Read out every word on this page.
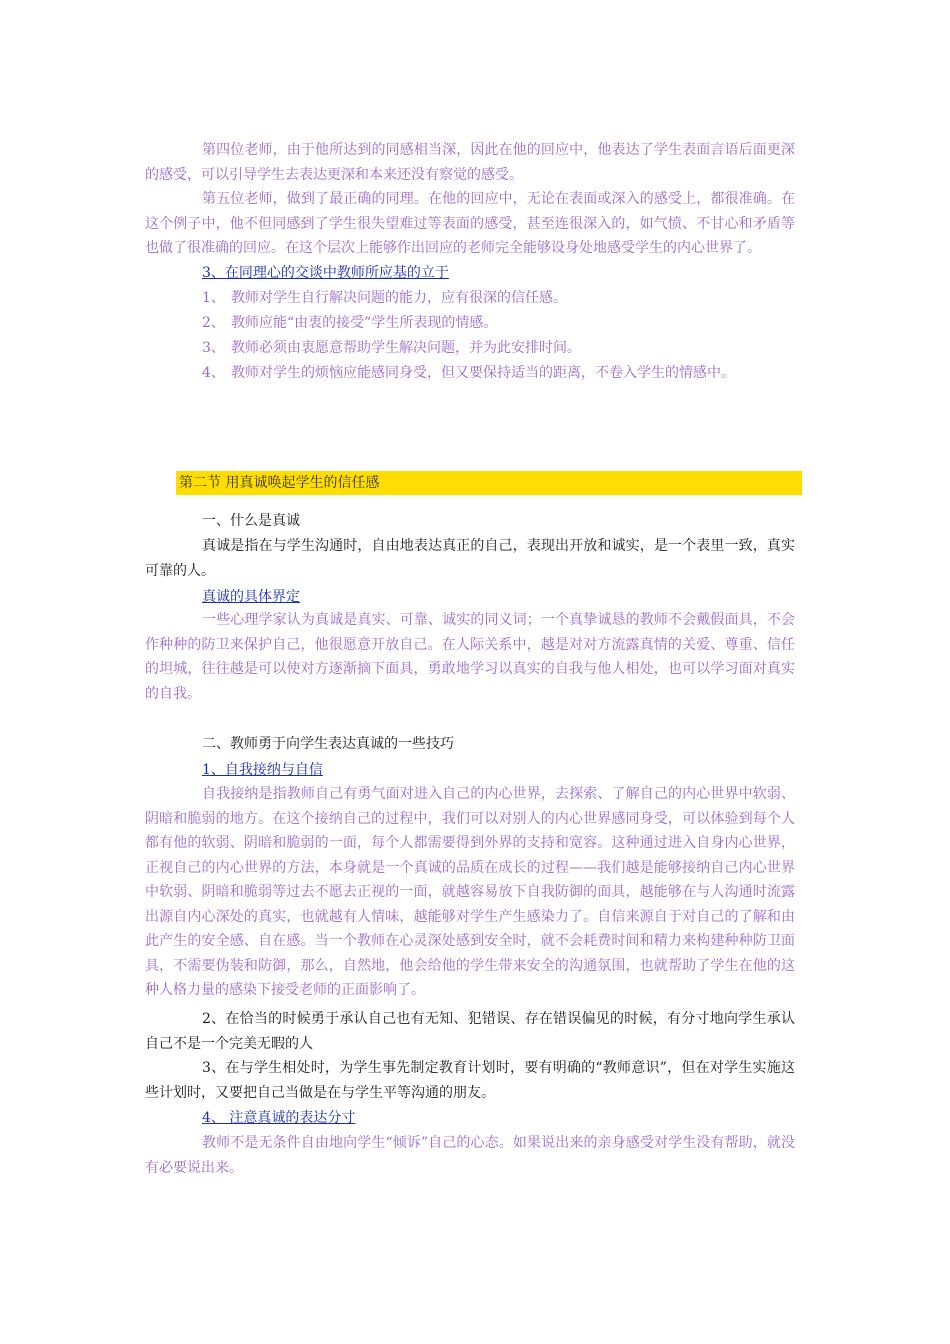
第四位老师，由于他所达到的同感相当深，因此在他的回应中，他表达了学生表面言语后面更深的感受，可以引导学生去表达更深和本来还没有察觉的感受。

第五位老师，做到了最正确的同理。在他的回应中，无论在表面或深入的感受上，都很准确。在这个例子中，他不但同感到了学生很失望难过等表面的感受，甚至连很深入的，如气愤、不甘心和矛盾等也做了很准确的回应。在这个层次上能够作出回应的老师完全能够设身处地感受学生的内心世界了。

3、在同理心的交谈中教师所应基的立于

1、 教师对学生自行解决问题的能力，应有很深的信任感。

2、 教师应能“由衷的接受”学生所表现的情感。

3、 教师必须由衷愿意帮助学生解决问题，并为此安排时间。

4、 教师对学生的烦恼应能感同身受，但又要保持适当的距离，不卷入学生的情感中。

第二节 用真诚唤起学生的信任感

一、什么是真诚

真诚是指在与学生沟通时，自由地表达真正的自己，表现出开放和诚实，是一个表里一致，真实可靠的人。

真诚的具体界定

一些心理学家认为真诚是真实、可靠、诚实的同义词；一个真挚诚恳的教师不会戴假面具，不会作种种的防卫来保护自己，他很愿意开放自己。在人际关系中，越是对对方流露真情的关爱、尊重、信任的坦城，往往越是可以使对方逐渐摘下面具，勇敢地学习以真实的自我与他人相处，也可以学习面对真实的自我。

二、教师勇于向学生表达真诚的一些技巧

1、自我接纳与自信

自我接纳是指教师自己有勇气面对进入自己的内心世界，去探索、了解自己的内心世界中软弱、阴暗和脆弱的地方。在这个接纳自己的过程中，我们可以对别人的内心世界感同身受，可以体验到每个人都有他的软弱、阴暗和脆弱的一面，每个人都需要得到外界的支持和宽容。这种通过进入自身内心世界，正视自己的内心世界的方法，本身就是一个真诚的品质在成长的过程——我们越是能够接纳自己内心世界中软弱、阴暗和脆弱等过去不愿去正视的一面，就越容易放下自我防御的面具，越能够在与人沟通时流露出源自内心深处的真实，也就越有人情味，越能够对学生产生感染力了。自信来源自于对自己的了解和由此产生的安全感、自在感。当一个教师在心灵深处感到安全时，就不会耗费时间和精力来构建种种防卫面具，不需要伪装和防御，那么，自然地，他会给他的学生带来安全的沟通氛围，也就帮助了学生在他的这种人格力量的感染下接受老师的正面影响了。

2、在恰当的时候勇于承认自己也有无知、犯错误、存在错误偏见的时候，有分寸地向学生承认自己不是一个完美无暇的人

3、在与学生相处时，为学生事先制定教育计划时，要有明确的“教师意识”，但在对学生实施这些计划时，又要把自己当做是在与学生平等沟通的朋友。

4、 注意真诚的表达分寸

教师不是无条件自由地向学生“倾诉”自己的心态。如果说出来的亲身感受对学生没有帮助，就没有必要说出来。
